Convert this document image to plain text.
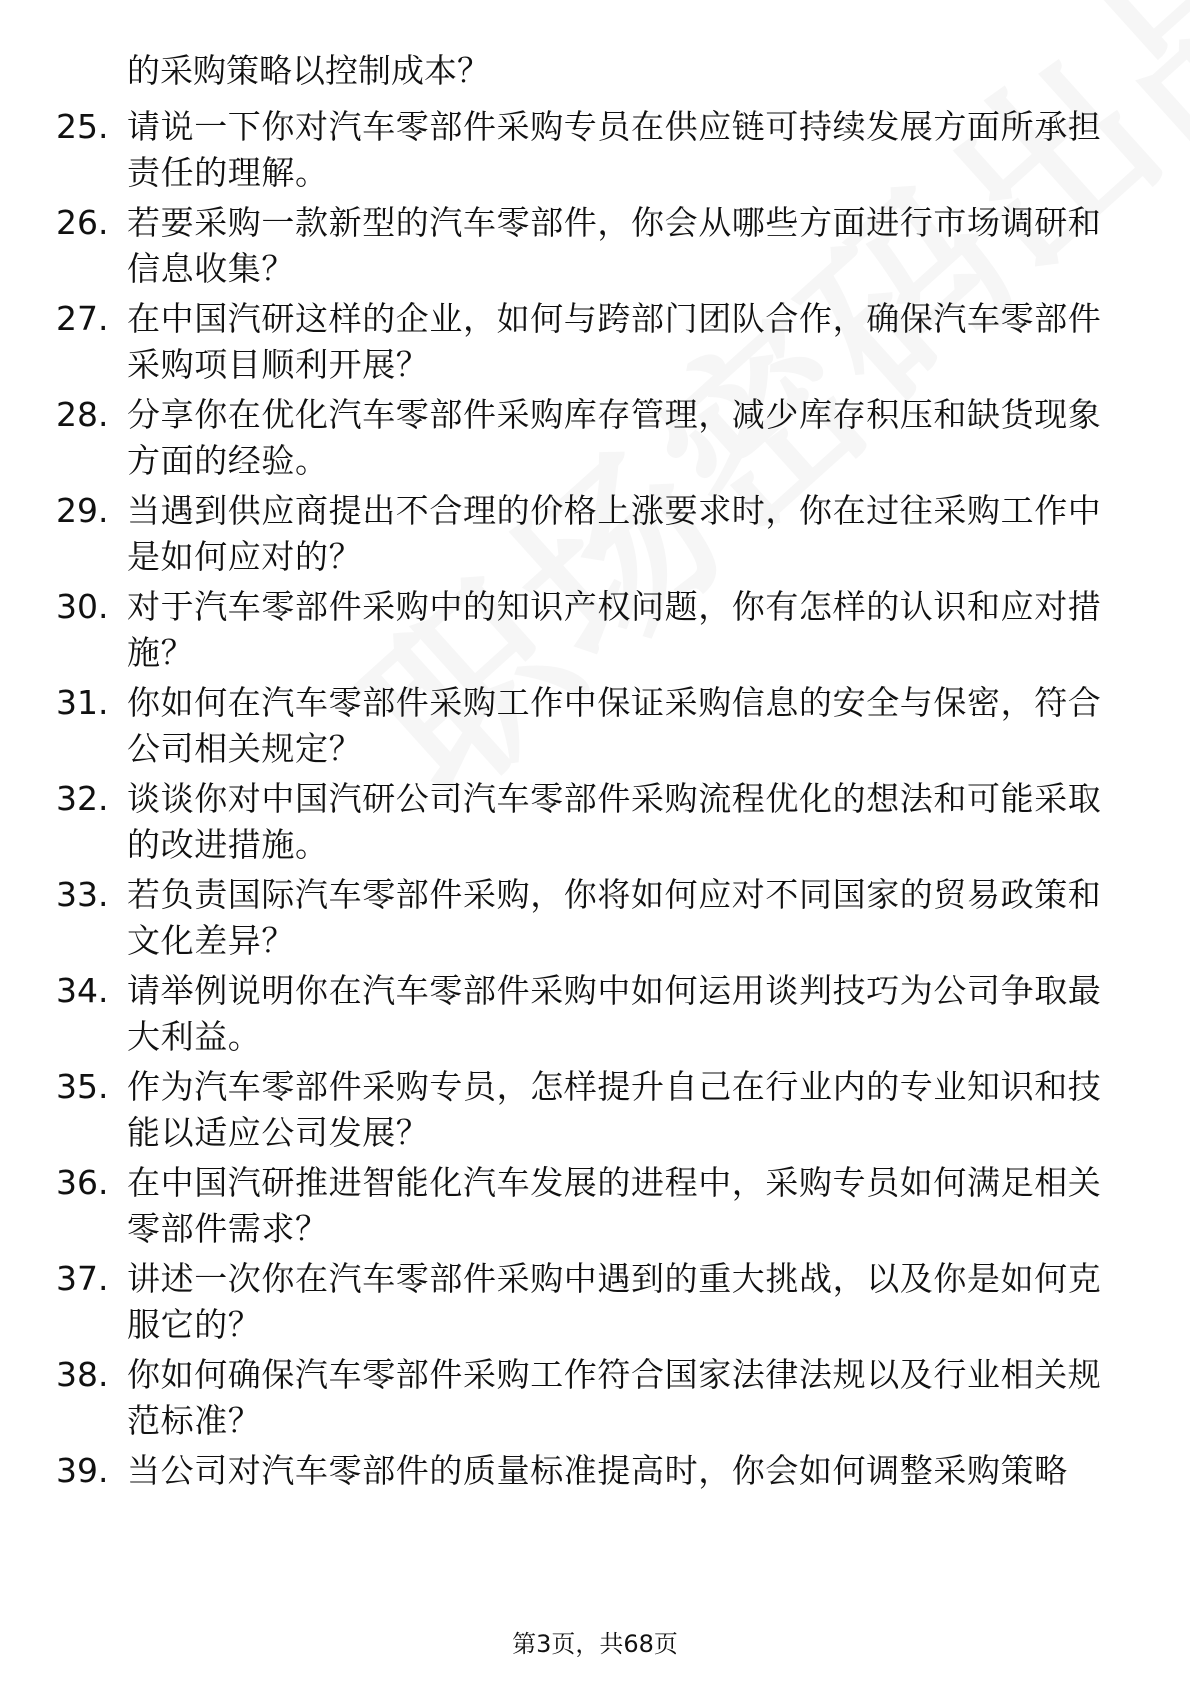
的采购策略以控制成本？
25. 请说一下你对汽车零部件采购专员在供应链可持续发展方面所承担责任的理解。
26. 若要采购一款新型的汽车零部件，你会从哪些方面进行市场调研和信息收集？
27. 在中国汽研这样的企业，如何与跨部门团队合作，确保汽车零部件采购项目顺利开展？
28. 分享你在优化汽车零部件采购库存管理，减少库存积压和缺货现象方面的经验。
29. 当遇到供应商提出不合理的价格上涨要求时，你在过往采购工作中是如何应对的？
30. 对于汽车零部件采购中的知识产权问题，你有怎样的认识和应对措施？
31. 你如何在汽车零部件采购工作中保证采购信息的安全与保密，符合公司相关规定？
32. 谈谈你对中国汽研公司汽车零部件采购流程优化的想法和可能采取的改进措施。
33. 若负责国际汽车零部件采购，你将如何应对不同国家的贸易政策和文化差异？
34. 请举例说明你在汽车零部件采购中如何运用谈判技巧为公司争取最大利益。
35. 作为汽车零部件采购专员，怎样提升自己在行业内的专业知识和技能以适应公司发展？
36. 在中国汽研推进智能化汽车发展的进程中，采购专员如何满足相关零部件需求？
37. 讲述一次你在汽车零部件采购中遇到的重大挑战，以及你是如何克服它的？
38. 你如何确保汽车零部件采购工作符合国家法律法规以及行业相关规范标准？
39. 当公司对汽车零部件的质量标准提高时，你会如何调整采购策略
第3页，共68页
